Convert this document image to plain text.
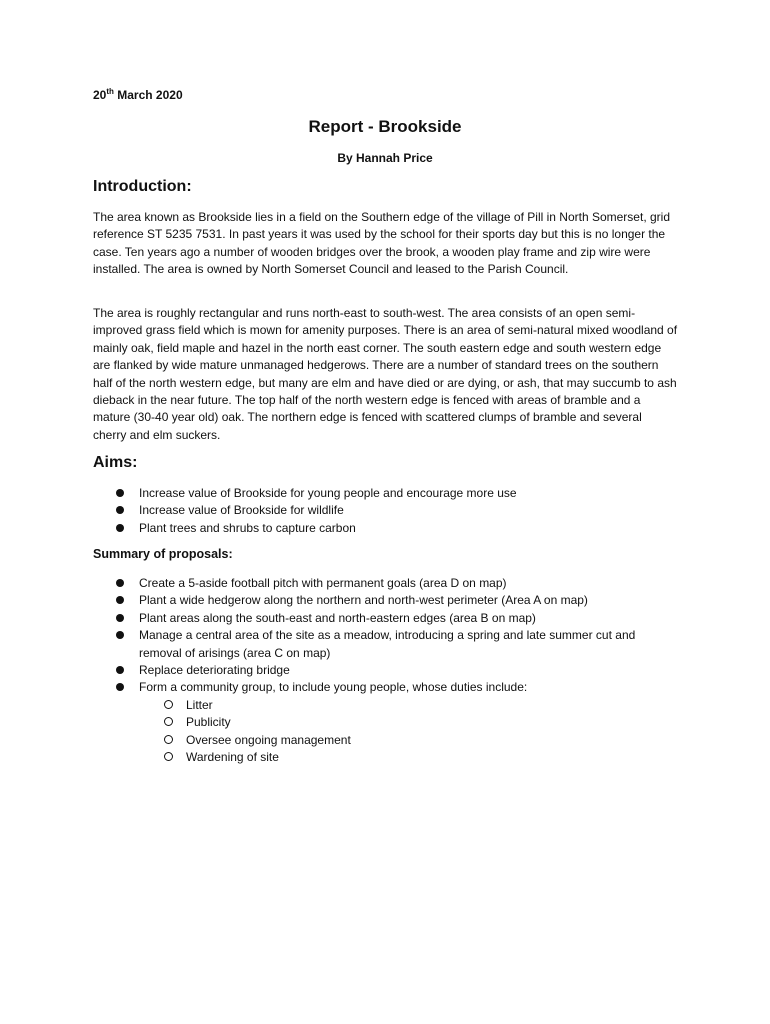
20th March 2020
Report - Brookside
By Hannah Price
Introduction:

The area known as Brookside lies in a field on the Southern edge of the village of Pill in North Somerset, grid reference ST 5235 7531. In past years it was used by the school for their sports day but this is no longer the case. Ten years ago a number of wooden bridges over the brook, a wooden play frame and zip wire were installed. The area is owned by North Somerset Council and leased to the Parish Council.

The area is roughly rectangular and runs north-east to south-west. The area consists of an open semi-improved grass field which is mown for amenity purposes. There is an area of semi-natural mixed woodland of mainly oak, field maple and hazel in the north east corner. The south eastern edge and south western edge are flanked by wide mature unmanaged hedgerows. There are a number of standard trees on the southern half of the north western edge, but many are elm and have died or are dying, or ash, that may succumb to ash dieback in the near future. The top half of the north western edge is fenced with areas of bramble and a mature (30-40 year old) oak. The northern edge is fenced with scattered clumps of bramble and several cherry and elm suckers.

Aims:
Increase value of Brookside for young people and encourage more use
Increase value of Brookside for wildlife
Plant trees and shrubs to capture carbon
Summary of proposals:
Create a 5-aside football pitch with permanent goals (area D on map)
Plant a wide hedgerow along the northern and north-west perimeter (Area A on map)
Plant areas along the south-east and north-eastern edges (area B on map)
Manage a central area of the site as a meadow, introducing a spring and late summer cut and removal of arisings (area C on map)
Replace deteriorating bridge
Form a community group, to include young people, whose duties include:
Litter
Publicity
Oversee ongoing management
Wardening of site
